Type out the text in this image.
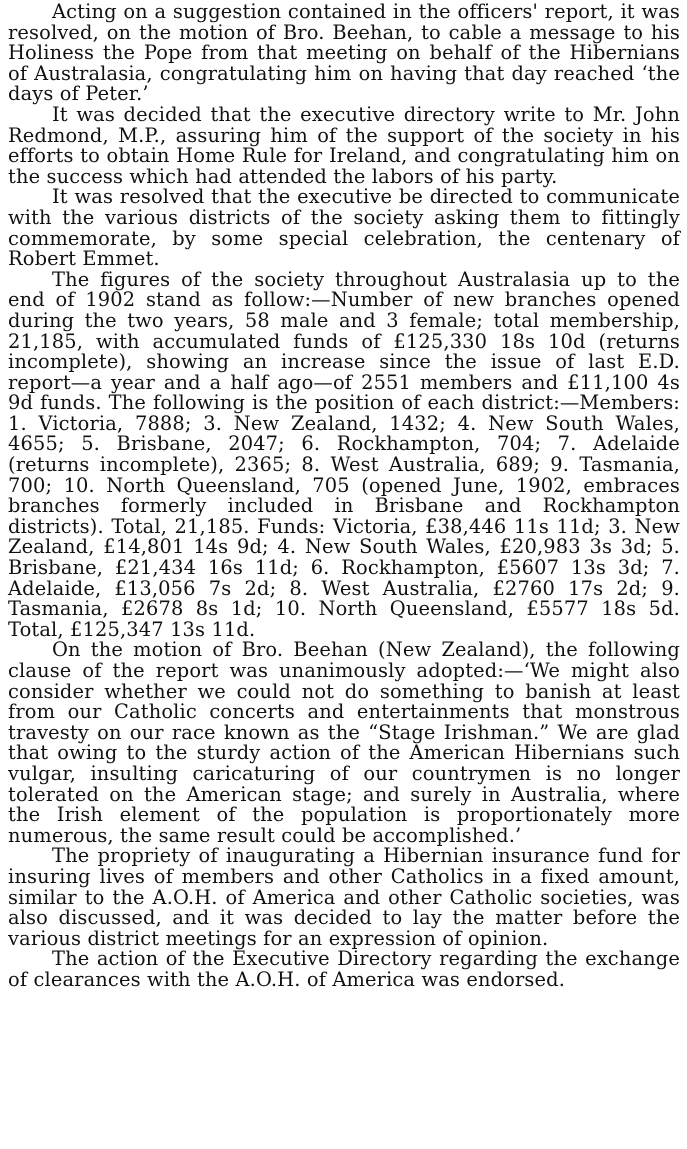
Acting on a suggestion contained in the officers' report, it was resolved, on the motion of Bro. Beehan, to cable a message to his Holiness the Pope from that meeting on behalf of the Hibernians of Australasia, congratulating him on having that day reached ‘the days of Peter.’

It was decided that the executive directory write to Mr. John Redmond, M.P., assuring him of the support of the society in his efforts to obtain Home Rule for Ireland, and congratulating him on the success which had attended the labors of his party.

It was resolved that the executive be directed to communicate with the various districts of the society asking them to fittingly commemorate, by some special celebration, the centenary of Robert Emmet.

The figures of the society throughout Australasia up to the end of 1902 stand as follow:—Number of new branches opened during the two years, 58 male and 3 female; total membership, 21,185, with accumulated funds of £125,330 18s 10d (returns incomplete), showing an increase since the issue of last E.D. report—a year and a half ago—of 2551 members and £11,100 4s 9d funds. The following is the position of each district:—Members: 1. Victoria, 7888; 3. New Zealand, 1432; 4. New South Wales, 4655; 5. Brisbane, 2047; 6. Rockhampton, 704; 7. Adelaide (returns incomplete), 2365; 8. West Australia, 689; 9. Tasmania, 700; 10. North Queensland, 705 (opened June, 1902, embraces branches formerly included in Brisbane and Rockhampton districts). Total, 21,185. Funds: Victoria, £38,446 11s 11d; 3. New Zealand, £14,801 14s 9d; 4. New South Wales, £20,983 3s 3d; 5. Brisbane, £21,434 16s 11d; 6. Rockhampton, £5607 13s 3d; 7. Adelaide, £13,056 7s 2d; 8. West Australia, £2760 17s 2d; 9. Tasmania, £2678 8s 1d; 10. North Queensland, £5577 18s 5d. Total, £125,347 13s 11d.

On the motion of Bro. Beehan (New Zealand), the following clause of the report was unanimously adopted:—‘We might also consider whether we could not do something to banish at least from our Catholic concerts and entertainments that monstrous travesty on our race known as the “Stage Irishman.” We are glad that owing to the sturdy action of the American Hibernians such vulgar, insulting caricaturing of our countrymen is no longer tolerated on the American stage; and surely in Australia, where the Irish element of the population is proportionately more numerous, the same result could be accomplished.’

The propriety of inaugurating a Hibernian insurance fund for insuring lives of members and other Catholics in a fixed amount, similar to the A.O.H. of America and other Catholic societies, was also discussed, and it was decided to lay the matter before the various district meetings for an expression of opinion.

The action of the Executive Directory regarding the exchange of clearances with the A.O.H. of America was endorsed.
